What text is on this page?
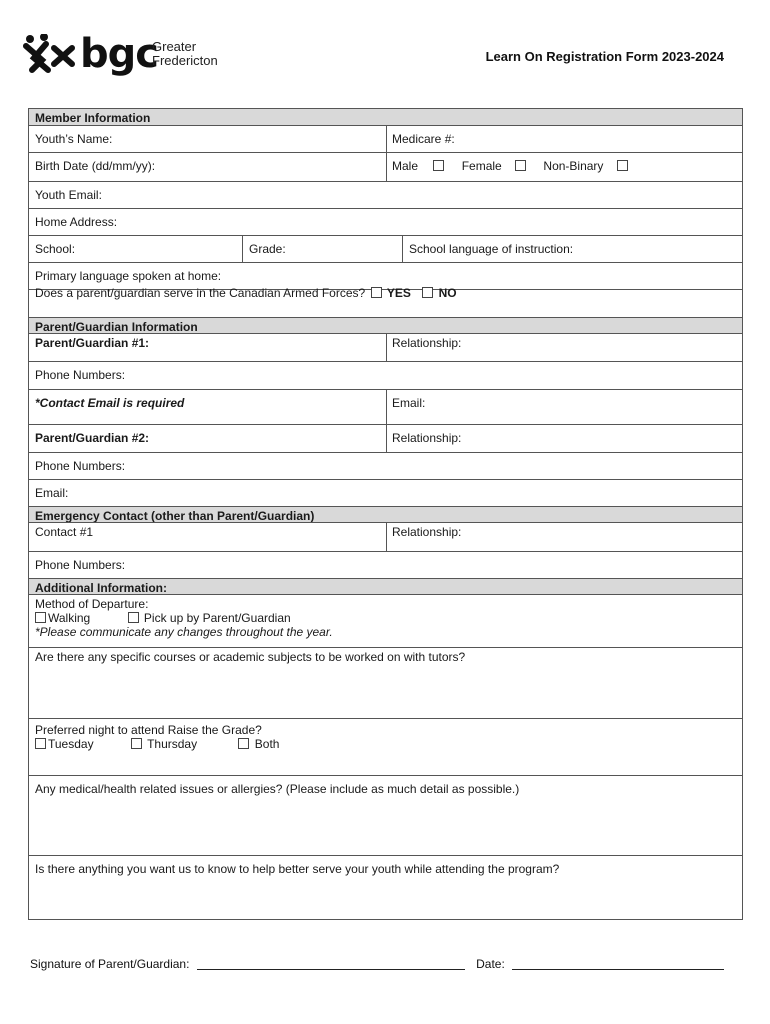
bgc
Greater
Fredericton	Learn On Registration Form 2023-2024
Member Information
Youth’s Name:	Medicare #:
Birth Date (dd/mm/yy):	Male	Female	Non-Binary
Youth Email:
Home Address:
School:	Grade:	School language of instruction:
Primary language spoken at home:
Does a parent/guardian serve in the Canadian Armed Forces? YES NO
Parent/Guardian Information
Parent/Guardian #1:	Relationship:
Phone Numbers:
*Contact Email is required	Email:
Parent/Guardian #2:	Relationship:
Phone Numbers:
Email:
Emergency Contact (other than Parent/Guardian)
Contact #1	Relationship:
Phone Numbers:
Additional Information:
Method of Departure:
Walking	Pick up by Parent/Guardian
*Please communicate any changes throughout the year.
Are there any specific courses or academic subjects to be worked on with tutors?
Preferred night to attend Raise the Grade?
Tuesday	Thursday	Both
Any medical/health related issues or allergies? (Please include as much detail as possible.)
Is there anything you want us to know to help better serve your youth while attending the program?
Signature of Parent/Guardian:	Date:
